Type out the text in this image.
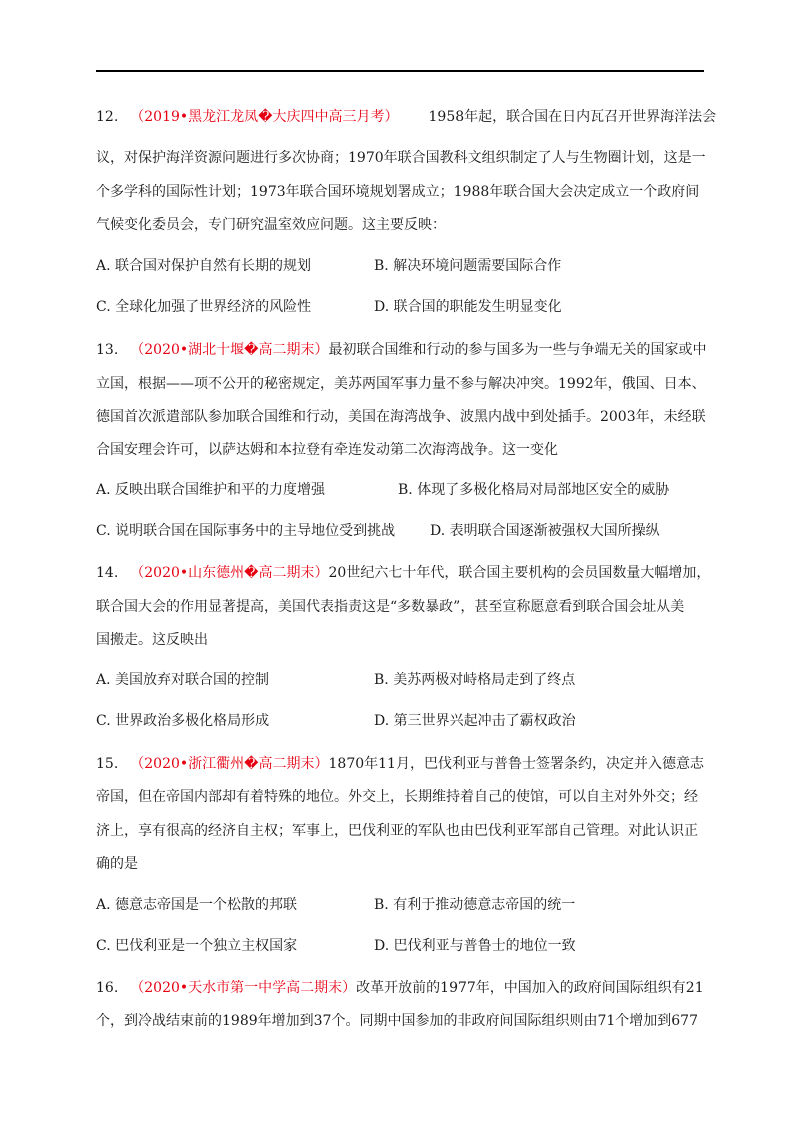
12. （2019•黑龙江龙凤�大庆四中高三月考） 1958年起，联合国在日内瓦召开世界海洋法会
议，对保护海洋资源问题进行多次协商；1970年联合国教科文组织制定了人与生物圈计划，这是一
个多学科的国际性计划；1973年联合国环境规划署成立；1988年联合国大会决定成立一个政府间
气候变化委员会，专门研究温室效应问题。这主要反映：
A. 联合国对保护自然有长期的规划	B. 解决环境问题需要国际合作
C. 全球化加强了世界经济的风险性	D. 联合国的职能发生明显变化
13. （2020•湖北十堰�高二期末）最初联合国维和行动的参与国多为一些与争端无关的国家或中
立国，根据——项不公开的秘密规定，美苏两国军事力量不参与解决冲突。1992年，俄国、日本、
德国首次派遣部队参加联合国维和行动，美国在海湾战争、波黑内战中到处插手。2003年，未经联
合国安理会许可，以萨达姆和本拉登有牵连发动第二次海湾战争。这一变化
A. 反映出联合国维护和平的力度增强	B. 体现了多极化格局对局部地区安全的威胁
C. 说明联合国在国际事务中的主导地位受到挑战 D. 表明联合国逐渐被强权大国所操纵
14. （2020•山东德州�高二期末）20世纪六七十年代，联合国主要机构的会员国数量大幅增加，
联合国大会的作用显著提高，美国代表指责这是“多数暴政”，甚至宣称愿意看到联合国会址从美
国搬走。这反映出
A. 美国放弃对联合国的控制	B. 美苏两极对峙格局走到了终点
C. 世界政治多极化格局形成	D. 第三世界兴起冲击了霸权政治
15. （2020•浙江衢州�高二期末）1870年11月，巴伐利亚与普鲁士签署条约，决定并入德意志
帝国，但在帝国内部却有着特殊的地位。外交上，长期维持着自己的使馆，可以自主对外外交；经
济上，享有很高的经济自主权；军事上，巴伐利亚的军队也由巴伐利亚军部自己管理。对此认识正
确的是
A. 德意志帝国是一个松散的邦联	B. 有利于推动德意志帝国的统一
C. 巴伐利亚是一个独立主权国家	D. 巴伐利亚与普鲁士的地位一致
16. （2020•天水市第一中学高二期末）改革开放前的1977年，中国加入的政府间国际组织有21
个，到冷战结束前的1989年增加到37个。同期中国参加的非政府间国际组织则由71个增加到677
